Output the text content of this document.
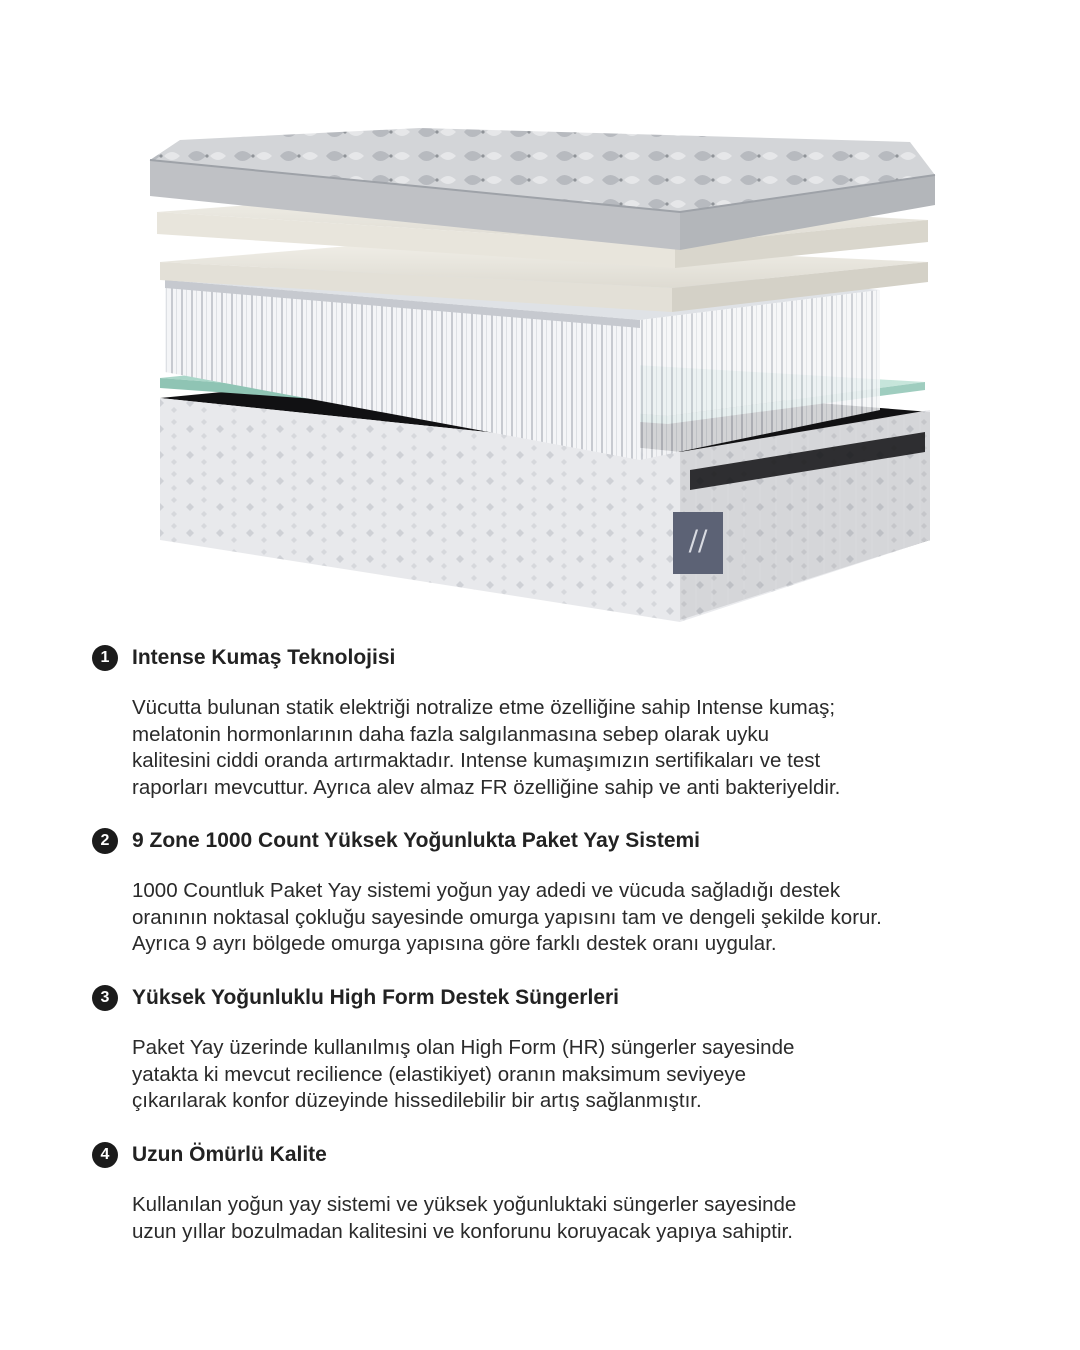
//
1	Intense Kumaş Teknolojisi
Vücutta bulunan statik elektriği notralize etme özelliğine sahip Intense kumaş;
melatonin hormonlarının daha fazla salgılanmasına sebep olarak uyku
kalitesini ciddi oranda artırmaktadır. Intense kumaşımızın sertifikaları ve test
raporları mevcuttur. Ayrıca alev almaz FR özelliğine sahip ve anti bakteriyeldir.
2	9 Zone 1000 Count Yüksek Yoğunlukta Paket Yay Sistemi
1000 Countluk Paket Yay sistemi yoğun yay adedi ve vücuda sağladığı destek
oranının noktasal çokluğu sayesinde omurga yapısını tam ve dengeli şekilde korur.
Ayrıca 9 ayrı bölgede omurga yapısına göre farklı destek oranı uygular.
3	Yüksek Yoğunluklu High Form Destek Süngerleri
Paket Yay üzerinde kullanılmış olan High Form (HR) süngerler sayesinde
yatakta ki mevcut recilience (elastikiyet) oranın maksimum seviyeye
çıkarılarak konfor düzeyinde hissedilebilir bir artış sağlanmıştır.
4	Uzun Ömürlü Kalite
Kullanılan yoğun yay sistemi ve yüksek yoğunluktaki süngerler sayesinde
uzun yıllar bozulmadan kalitesini ve konforunu koruyacak yapıya sahiptir.
